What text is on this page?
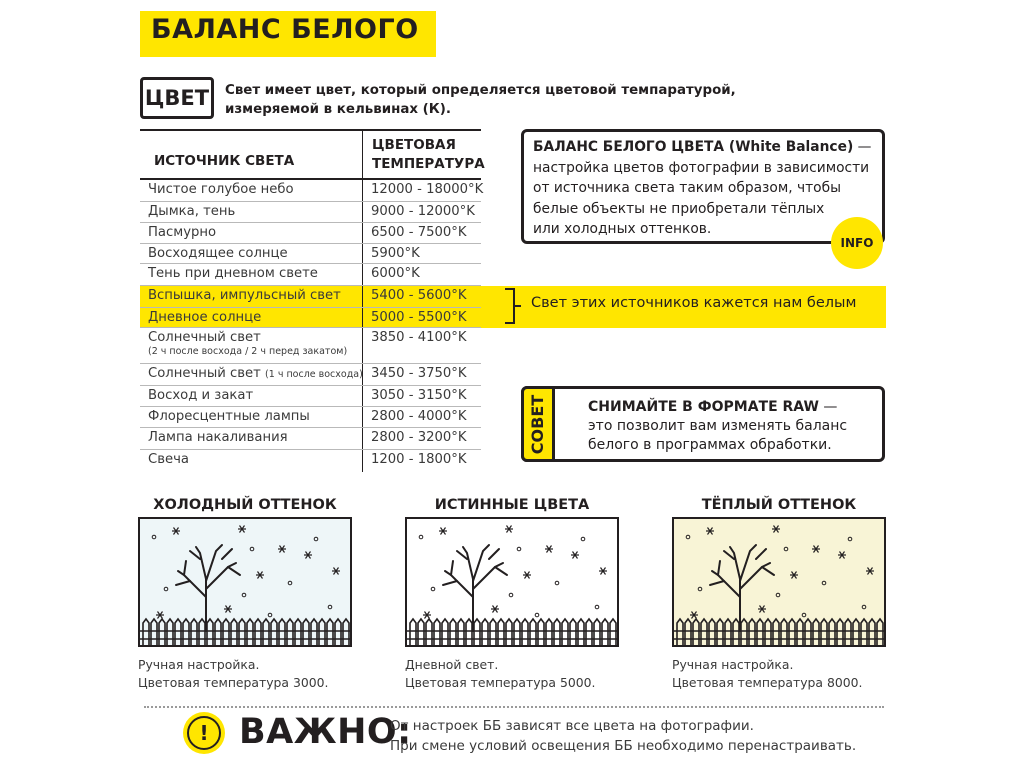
БАЛАНС БЕЛОГО
ЦВЕТ	Свет имеет цвет, который определяется цветовой темпаратурой,
измеряемой в кельвинах (К).
ИСТОЧНИК СВЕТА
ЦВЕТОВАЯ
ТЕМПЕРАТУРА
Чистое голубое небо	12000 - 18000°K
Дымка, тень	9000 - 12000°K
Пасмурно	6500 - 7500°K
Восходящее солнце	5900°K
Тень при дневном свете	6000°K
Вспышка, импульсный свет 5400 - 5600°K
Дневное солнце	5000 - 5500°K
Солнечный свет
(2 ч после восхода / 2 ч перед закатом)
3850 - 4100°K
Солнечный свет (1 ч после восхода) 3450 - 3750°K
Восход и закат	3050 - 3150°K
Флоресцентные лампы	2800 - 4000°K
Лампа накаливания	2800 - 3200°K
Свеча	1200 - 1800°K
Свет этих источников кажется нам белым
БАЛАНС БЕЛОГО ЦВЕТА (White Balance) —
настройка цветов фотографии в зависимости
от источника света таким образом, чтобы
белые объекты не приобретали тёплых
или холодных оттенков.
INFO
СОВЕТ	СНИМАЙТЕ В ФОРМАТЕ RAW —
это позволит вам изменять баланс
белого в программах обработки.
ХОЛОДНЫЙ ОТТЕНОК
Ручная настройка.
Цветовая температура 3000.
ИСТИННЫЕ ЦВЕТА
Дневной свет.
Цветовая температура 5000.
ТЁПЛЫЙ ОТТЕНОК
Ручная настройка.
Цветовая температура 8000.
! ВАЖНО:
От настроек ББ зависят все цвета на фотографии.
При смене условий освещения ББ необходимо перенастраивать.
